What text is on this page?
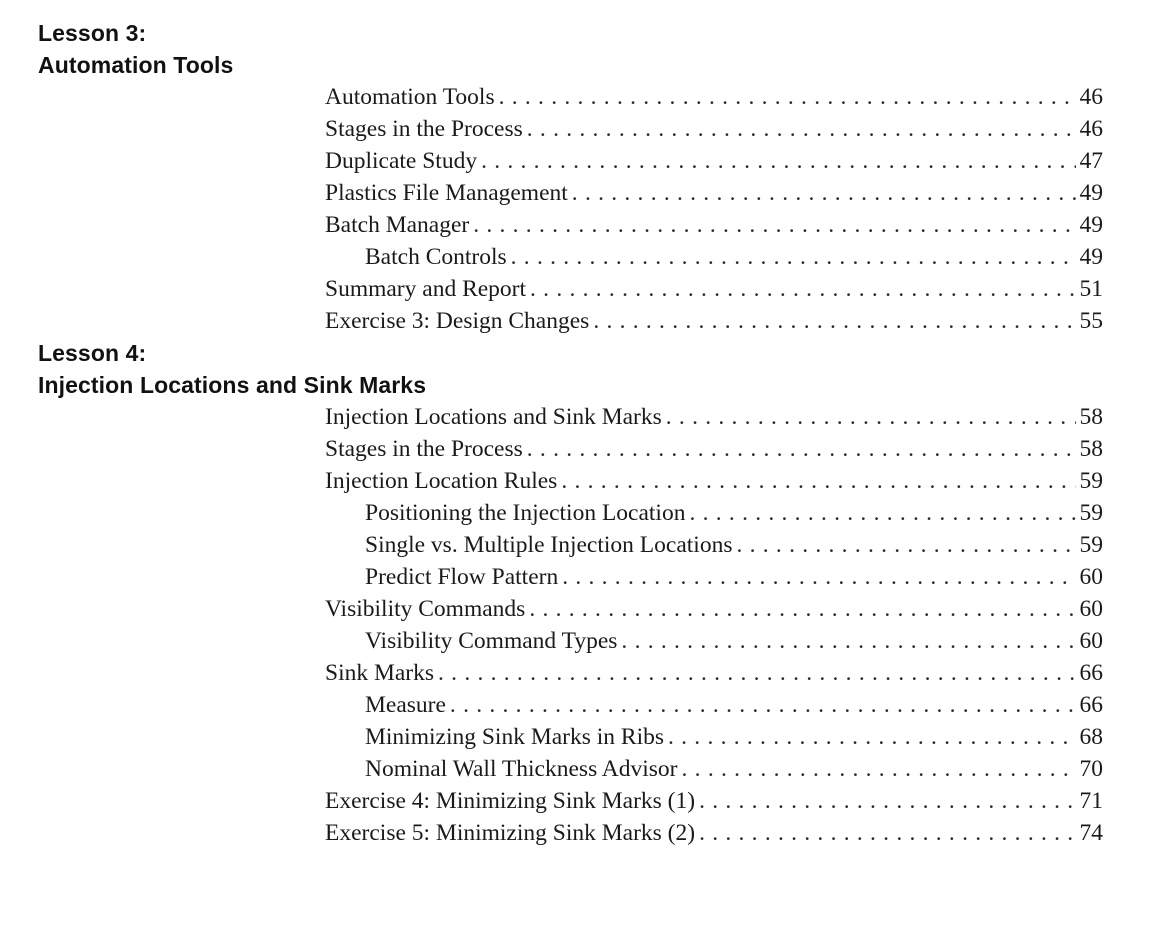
Lesson 3:
Automation Tools
Automation Tools . . .	46
Stages in the Process . . .	46
Duplicate Study . . .	47
Plastics File Management . . .	49
Batch Manager . . .	49
Batch Controls . . .	49
Summary and Report . . .	51
Exercise 3: Design Changes . . .	55
Lesson 4:
Injection Locations and Sink Marks
Injection Locations and Sink Marks . . .	58
Stages in the Process . . .	58
Injection Location Rules . . .	59
Positioning the Injection Location . . .	59
Single vs. Multiple Injection Locations . . .	59
Predict Flow Pattern . . .	60
Visibility Commands . . .	60
Visibility Command Types . . .	60
Sink Marks . . .	66
Measure . . .	66
Minimizing Sink Marks in Ribs . . .	68
Nominal Wall Thickness Advisor . . .	70
Exercise 4: Minimizing Sink Marks (1) . . .	71
Exercise 5: Minimizing Sink Marks (2) . . .	74
